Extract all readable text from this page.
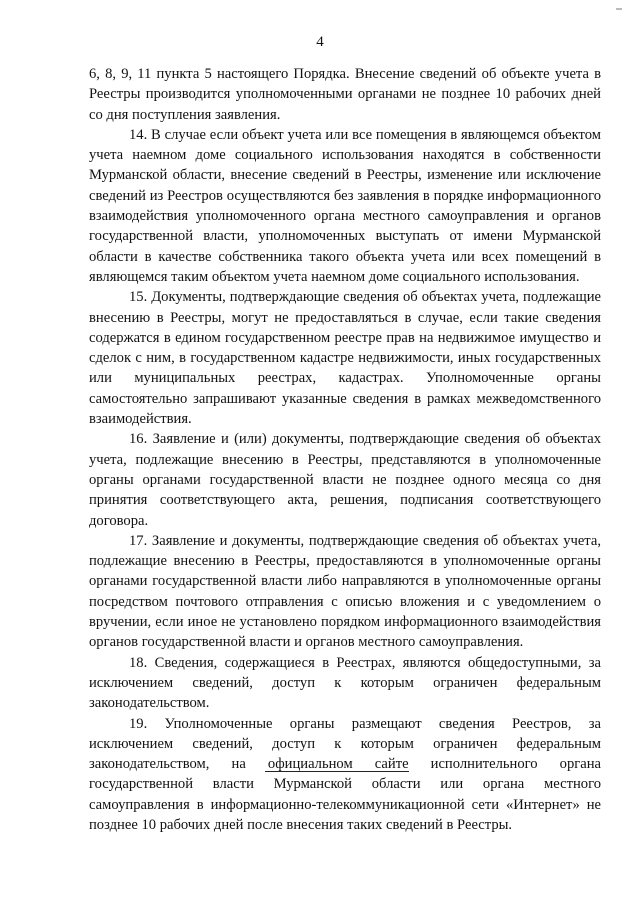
4

6, 8, 9, 11 пункта 5 настоящего Порядка. Внесение сведений об объекте учета в Реестры производится уполномоченными органами не позднее 10 рабочих дней со дня поступления заявления.

14. В случае если объект учета или все помещения в являющемся объектом учета наемном доме социального использования находятся в собственности Мурманской области, внесение сведений в Реестры, изменение или исключение сведений из Реестров осуществляются без заявления в порядке информационного взаимодействия уполномоченного органа местного самоуправления и органов государственной власти, уполномоченных выступать от имени Мурманской области в качестве собственника такого объекта учета или всех помещений в являющемся таким объектом учета наемном доме социального использования.

15. Документы, подтверждающие сведения об объектах учета, подлежащие внесению в Реестры, могут не предоставляться в случае, если такие сведения содержатся в едином государственном реестре прав на недвижимое имущество и сделок с ним, в государственном кадастре недвижимости, иных государственных или муниципальных реестрах, кадастрах. Уполномоченные органы самостоятельно запрашивают указанные сведения в рамках межведомственного взаимодействия.

16. Заявление и (или) документы, подтверждающие сведения об объектах учета, подлежащие внесению в Реестры, представляются в уполномоченные органы органами государственной власти не позднее одного месяца со дня принятия соответствующего акта, решения, подписания соответствующего договора.

17. Заявление и документы, подтверждающие сведения об объектах учета, подлежащие внесению в Реестры, предоставляются в уполномоченные органы органами государственной власти либо направляются в уполномоченные органы посредством почтового отправления с описью вложения и с уведомлением о вручении, если иное не установлено порядком информационного взаимодействия органов государственной власти и органов местного самоуправления.

18. Сведения, содержащиеся в Реестрах, являются общедоступными, за исключением сведений, доступ к которым ограничен федеральным законодательством.

19. Уполномоченные органы размещают сведения Реестров, за исключением сведений, доступ к которым ограничен федеральным законодательством, на официальном сайте исполнительного органа государственной власти Мурманской области или органа местного самоуправления в информационно-телекоммуникационной сети «Интернет» не позднее 10 рабочих дней после внесения таких сведений в Реестры.
